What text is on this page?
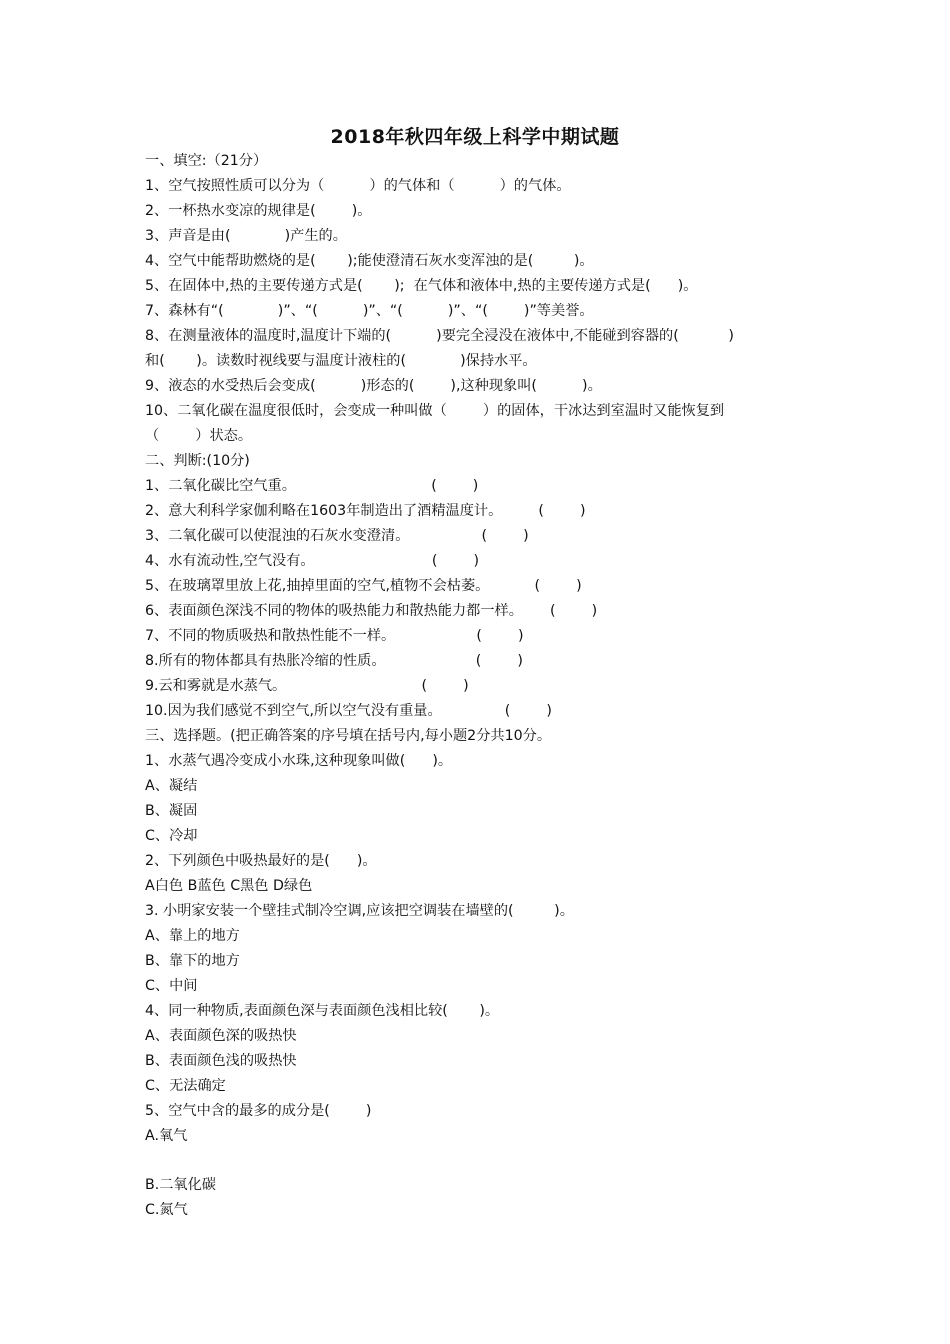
2018年秋四年级上科学中期试题
一、填空:（21分）
1、空气按照性质可以分为（          ）的气体和（          ）的气体。
2、一杯热水变凉的规律是(        )。
3、声音是由(            )产生的。
4、空气中能帮助燃烧的是(       );能使澄清石灰水变浑浊的是(         )。
5、在固体中,热的主要传递方式是(       );  在气体和液体中,热的主要传递方式是(      )。
7、森林有“(            )”、“(          )”、“(          )”、“(        )”等美誉。
8、在测量液体的温度时,温度计下端的(          )要完全浸没在液体中,不能碰到容器的(           )
和(       )。读数时视线要与温度计液柱的(            )保持水平。
9、液态的水受热后会变成(          )形态的(        ),这种现象叫(          )。
10、二氧化碳在温度很低时，会变成一种叫做（        ）的固体，干冰达到室温时又能恢复到
（        ）状态。
二、判断:(10分)
1、二氧化碳比空气重。                              (        )
2、意大利科学家伽利略在1603年制造出了酒精温度计。        (        )
3、二氧化碳可以使混浊的石灰水变澄清。                (        )
4、水有流动性,空气没有。                          (        )
5、在玻璃罩里放上花,抽掉里面的空气,植物不会枯萎。          (        )
6、表面颜色深浅不同的物体的吸热能力和散热能力都一样。      (        )
7、不同的物质吸热和散热性能不一样。                  (        )
8.所有的物体都具有热胀冷缩的性质。                    (        )
9.云和雾就是水蒸气。                              (        )
10.因为我们感觉不到空气,所以空气没有重量。              (        )
三、选择题。(把正确答案的序号填在括号内,每小题2分共10分。
1、水蒸气遇冷变成小水珠,这种现象叫做(      )。
A、凝结
B、凝固
C、冷却
2、下列颜色中吸热最好的是(      )。
A白色 B蓝色 C黑色 D绿色
3. 小明家安装一个壁挂式制冷空调,应该把空调装在墙壁的(         )。
A、靠上的地方
B、靠下的地方
C、中间
4、同一种物质,表面颜色深与表面颜色浅相比较(       )。
A、表面颜色深的吸热快
B、表面颜色浅的吸热快
C、无法确定
5、空气中含的最多的成分是(        )
A.氧气
B.二氧化碳
C.氮气
